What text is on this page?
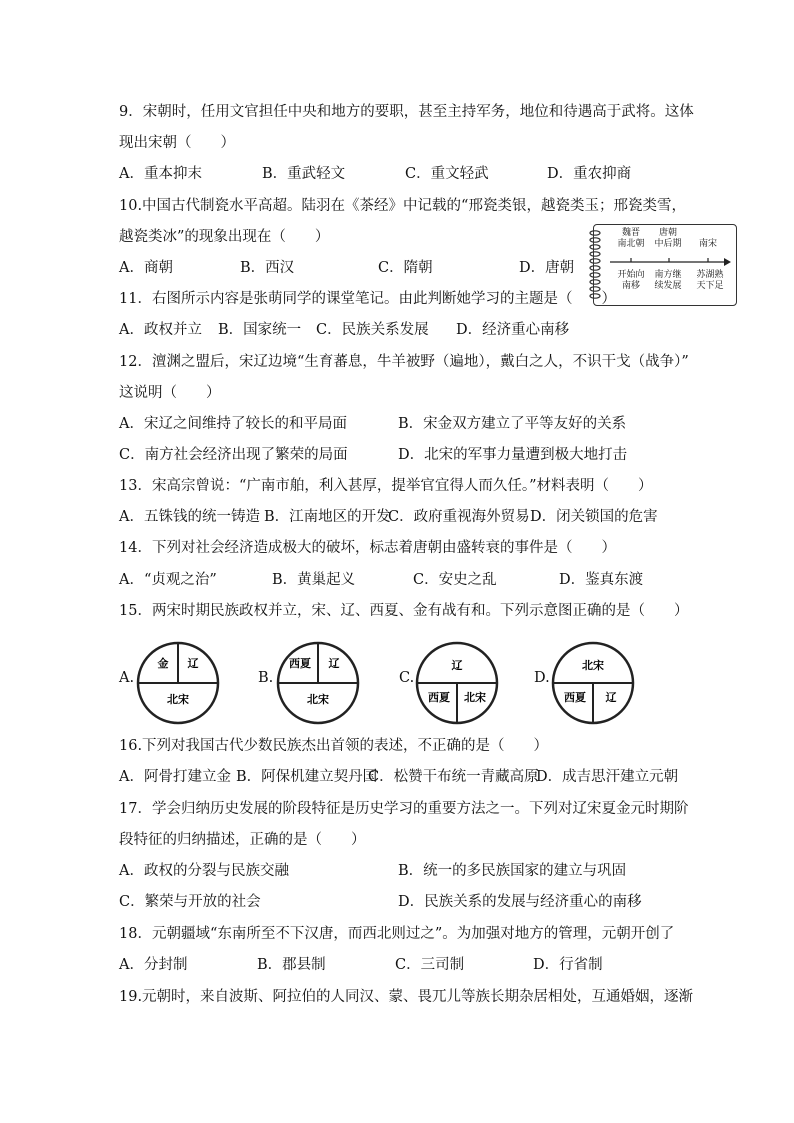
9．宋朝时，任用文官担任中央和地方的要职，甚至主持军务，地位和待遇高于武将。这体
现出宋朝（　　）
A．重本抑末	B．重武轻文	C．重文轻武	D．重农抑商
10.中国古代制瓷水平高超。陆羽在《茶经》中记载的“邢瓷类银，越瓷类玉；邢瓷类雪，
越瓷类冰”的现象出现在（　　）
A．商朝	B．西汉	C．隋朝	D．唐朝
魏晋
南北朝
唐朝
中后期	南宋
开始向
南移
南方继
续发展
苏湖熟
天下足
11．右图所示内容是张萌同学的课堂笔记。由此判断她学习的主题是（　　）
A．政权并立 B．国家统一 C．民族关系发展 D．经济重心南移
12．澶渊之盟后，宋辽边境“生育蕃息，牛羊被野（遍地），戴白之人，不识干戈（战争）”
这说明（　　）
A．宋辽之间维持了较长的和平局面	B．宋金双方建立了平等友好的关系
C．南方社会经济出现了繁荣的局面	D．北宋的军事力量遭到极大地打击
13．宋高宗曾说：“广南市舶，利入甚厚，提举官宜得人而久任。”材料表明（　　）
A．五铢钱的统一铸造 B．江南地区的开发
C．政府重视海外贸易 D．闭关锁国的危害
14．下列对社会经济造成极大的破坏，标志着唐朝由盛转衰的事件是（　　）
A．“贞观之治”	B．黄巢起义	C．安史之乱	D．鉴真东渡
15．两宋时期民族政权并立，宋、辽、西夏、金有战有和。下列示意图正确的是（　　）
A.
金 辽
北宋
B.
西夏 辽
北宋
C.
辽
西夏 北宋
D.
北宋
西夏 辽
16.下列对我国古代少数民族杰出首领的表述，不正确的是（　　）
A．阿骨打建立金 B．阿保机建立契丹国
C．松赞干布统一青藏高原
D．成吉思汗建立元朝
17．学会归纳历史发展的阶段特征是历史学习的重要方法之一。下列对辽宋夏金元时期阶
段特征的归纳描述，正确的是（　　）
A．政权的分裂与民族交融	B．统一的多民族国家的建立与巩固
C．繁荣与开放的社会	D．民族关系的发展与经济重心的南移
18．元朝疆域“东南所至不下汉唐，而西北则过之”。为加强对地方的管理，元朝开创了
A．分封制	B．郡县制	C．三司制	D．行省制
19.元朝时，来自波斯、阿拉伯的人同汉、蒙、畏兀儿等族长期杂居相处，互通婚姻，逐渐
